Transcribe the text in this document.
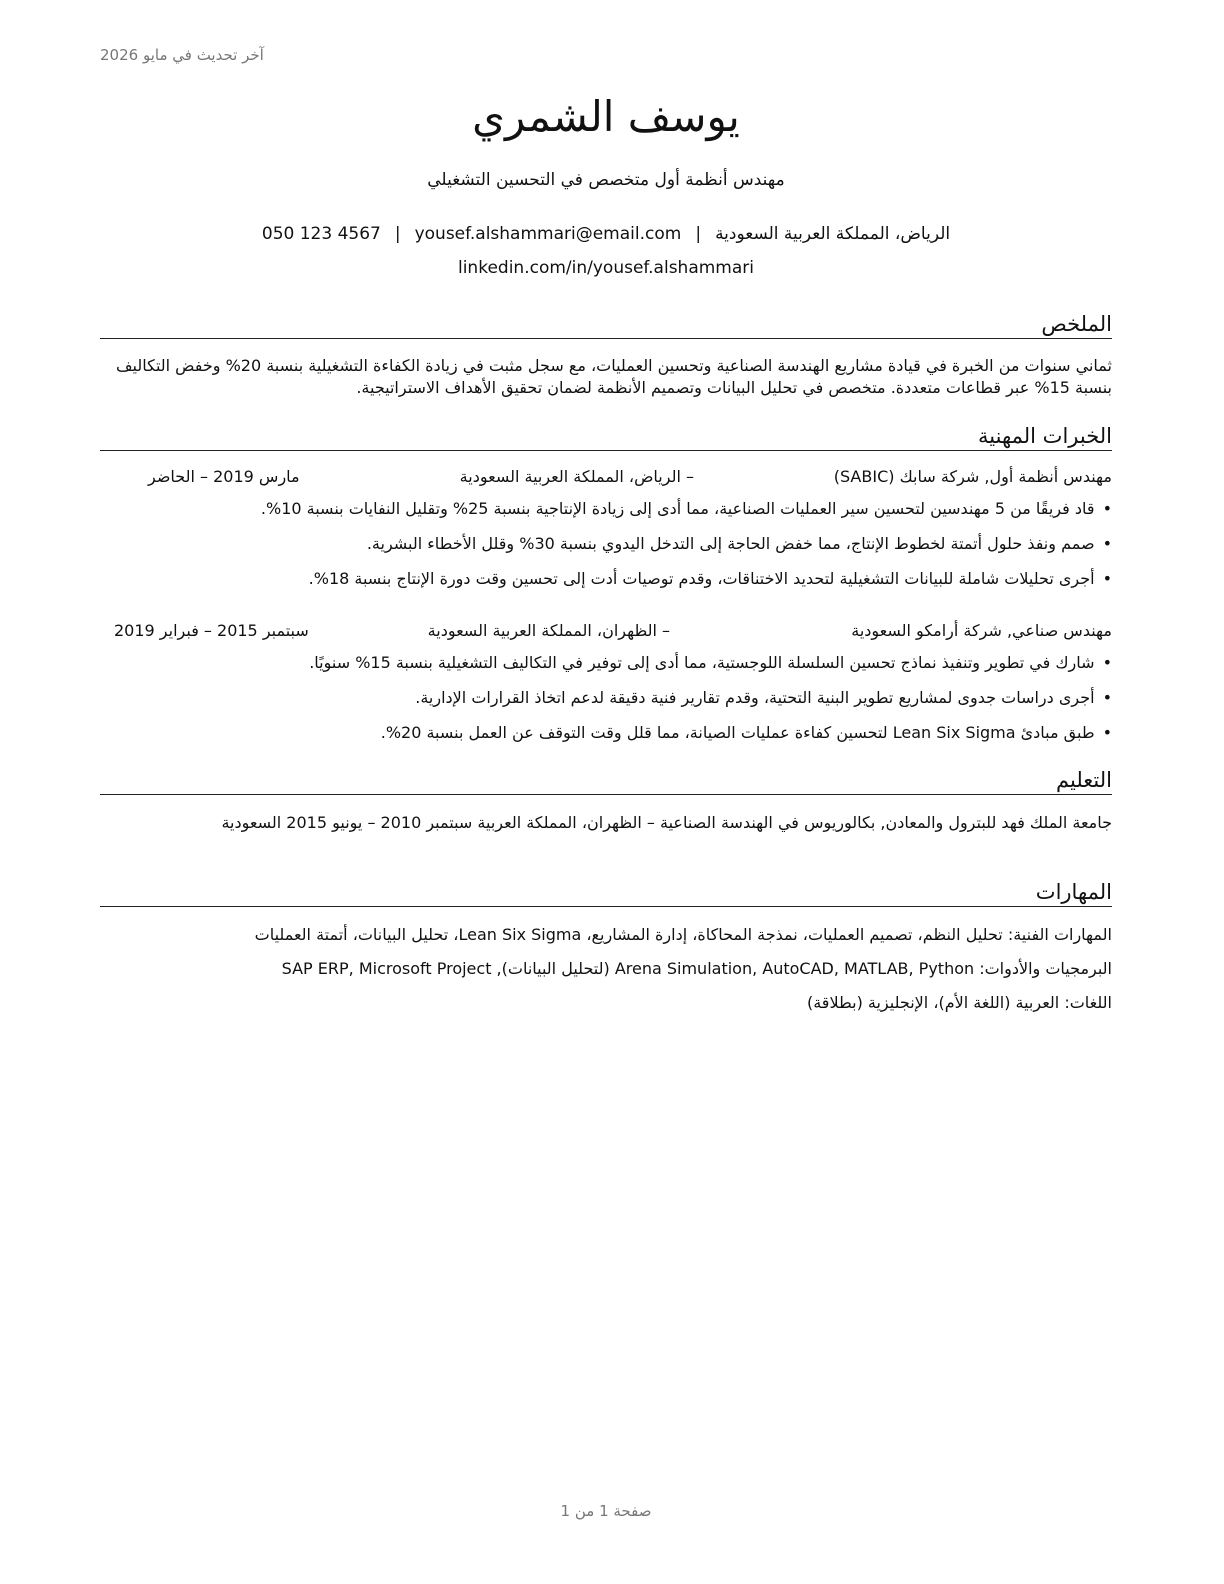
آخر تحديث في مايو 2026
يوسف الشمري
مهندس أنظمة أول متخصص في التحسين التشغيلي
الرياض، المملكة العربية السعودية|yousef.alshammari@email.com|050 123 4567
linkedin.com/in/yousef.alshammari
الملخص
ثماني سنوات من الخبرة في قيادة مشاريع الهندسة الصناعية وتحسين العمليات، مع سجل مثبت في زيادة الكفاءة التشغيلية بنسبة 20% وخفض التكاليف بنسبة 15% عبر قطاعات متعددة. متخصص في تحليل البيانات وتصميم الأنظمة لضمان تحقيق الأهداف الاستراتيجية.
الخبرات المهنية
مهندس أنظمة أول, شركة سابك (SABIC)
– الرياض، المملكة العربية السعودية
مارس 2019 – الحاضر
• قاد فريقًا من 5 مهندسين لتحسين سير العمليات الصناعية، مما أدى إلى زيادة الإنتاجية بنسبة 25% وتقليل النفايات بنسبة 10%.
• صمم ونفذ حلول أتمتة لخطوط الإنتاج، مما خفض الحاجة إلى التدخل اليدوي بنسبة 30% وقلل الأخطاء البشرية.
• أجرى تحليلات شاملة للبيانات التشغيلية لتحديد الاختناقات، وقدم توصيات أدت إلى تحسين وقت دورة الإنتاج بنسبة 18%.
مهندس صناعي, شركة أرامكو السعودية
– الظهران، المملكة العربية السعودية
سبتمبر 2015 – فبراير 2019
• شارك في تطوير وتنفيذ نماذج تحسين السلسلة اللوجستية، مما أدى إلى توفير في التكاليف التشغيلية بنسبة 15% سنويًا.
• أجرى دراسات جدوى لمشاريع تطوير البنية التحتية، وقدم تقارير فنية دقيقة لدعم اتخاذ القرارات الإدارية.
• طبق مبادئ Lean Six Sigma لتحسين كفاءة عمليات الصيانة، مما قلل وقت التوقف عن العمل بنسبة 20%.
التعليم
جامعة الملك فهد للبترول والمعادن, بكالوريوس في الهندسة الصناعية – الظهران، المملكة العربية سبتمبر 2010 – يونيو 2015 السعودية
المهارات
المهارات الفنية: تحليل النظم، تصميم العمليات، نمذجة المحاكاة، إدارة المشاريع، Lean Six Sigma، تحليل البيانات، أتمتة العمليات
البرمجيات والأدوات: Arena Simulation, AutoCAD, MATLAB, Python (لتحليل البيانات), SAP ERP, Microsoft Project
اللغات: العربية (اللغة الأم)، الإنجليزية (بطلاقة)
صفحة 1 من 1
